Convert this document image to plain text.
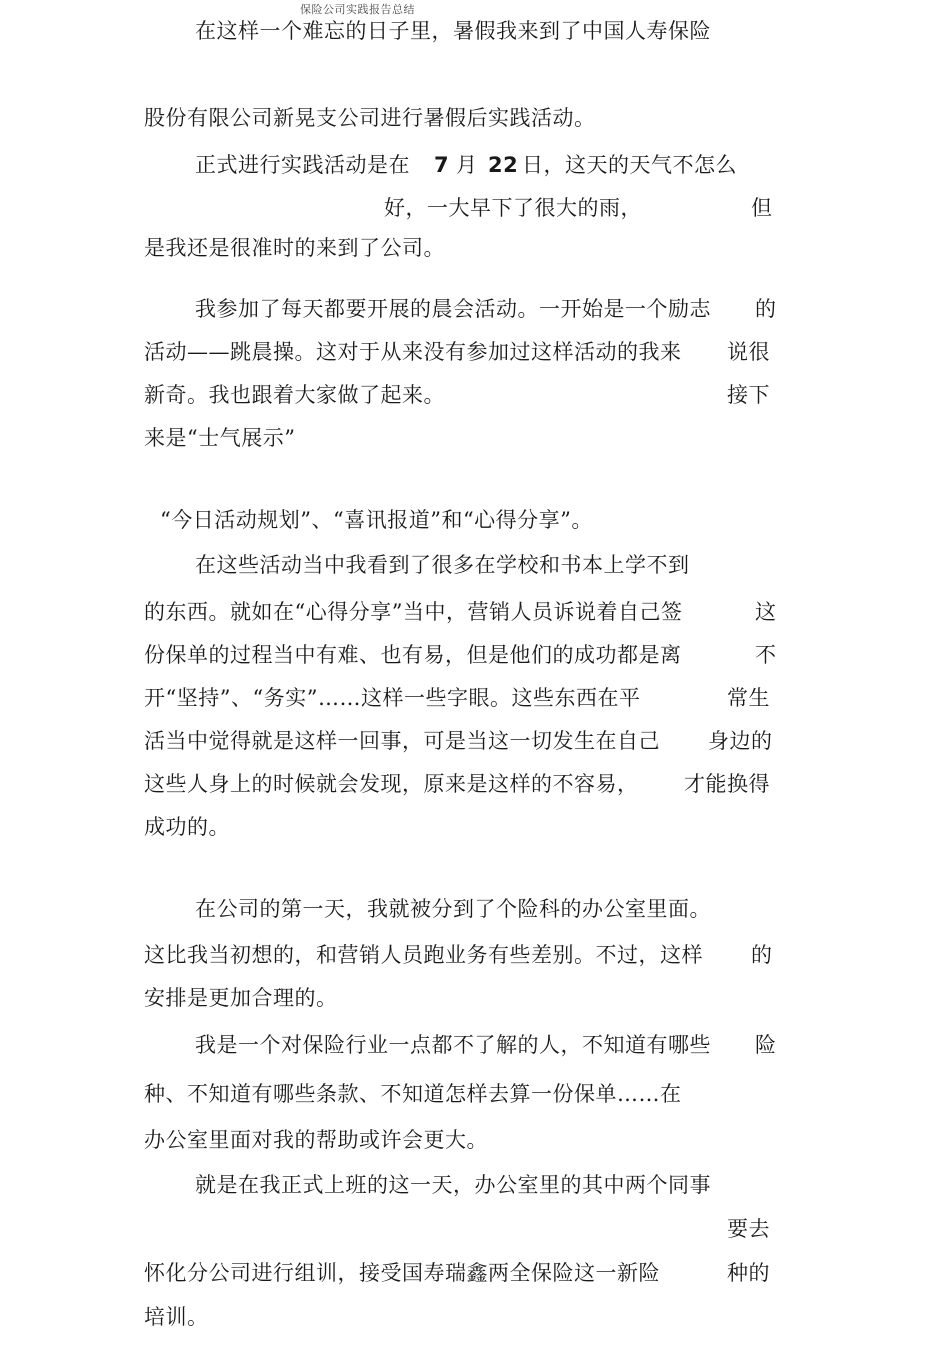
保险公司实践报告总结
在这样一个难忘的日子里，暑假我来到了中国人寿保险
股份有限公司新晃支公司进行暑假后实践活动。
正式进行实践活动是在 7 月 22 日，这天的天气不怎么
好，一大早下了很大的雨，	但
是我还是很准时的来到了公司。
我参加了每天都要开展的晨会活动。一开始是一个励志 的
活动——跳晨操。这对于从来没有参加过这样活动的我来 说很
新奇。我也跟着大家做了起来。	接下
来是“士气展示”
“今日活动规划”、“喜讯报道”和“心得分享”。
在这些活动当中我看到了很多在学校和书本上学不到
的东西。就如在“心得分享”当中，营销人员诉说着自己签	这
份保单的过程当中有难、也有易，但是他们的成功都是离	不
开“坚持”、“务实”……这样一些字眼。这些东西在平	常生
活当中觉得就是这样一回事，可是当这一切发生在自己 身边的
这些人身上的时候就会发现，原来是这样的不容易， 才能换得
成功的。
在公司的第一天，我就被分到了个险科的办公室里面。
这比我当初想的，和营销人员跑业务有些差别。不过，这样 的
安排是更加合理的。
我是一个对保险行业一点都不了解的人，不知道有哪些 险
种、不知道有哪些条款、不知道怎样去算一份保单……在
办公室里面对我的帮助或许会更大。
就是在我正式上班的这一天，办公室里的其中两个同事
要去
怀化分公司进行组训，接受国寿瑞鑫两全保险这一新险	种的
培训。
